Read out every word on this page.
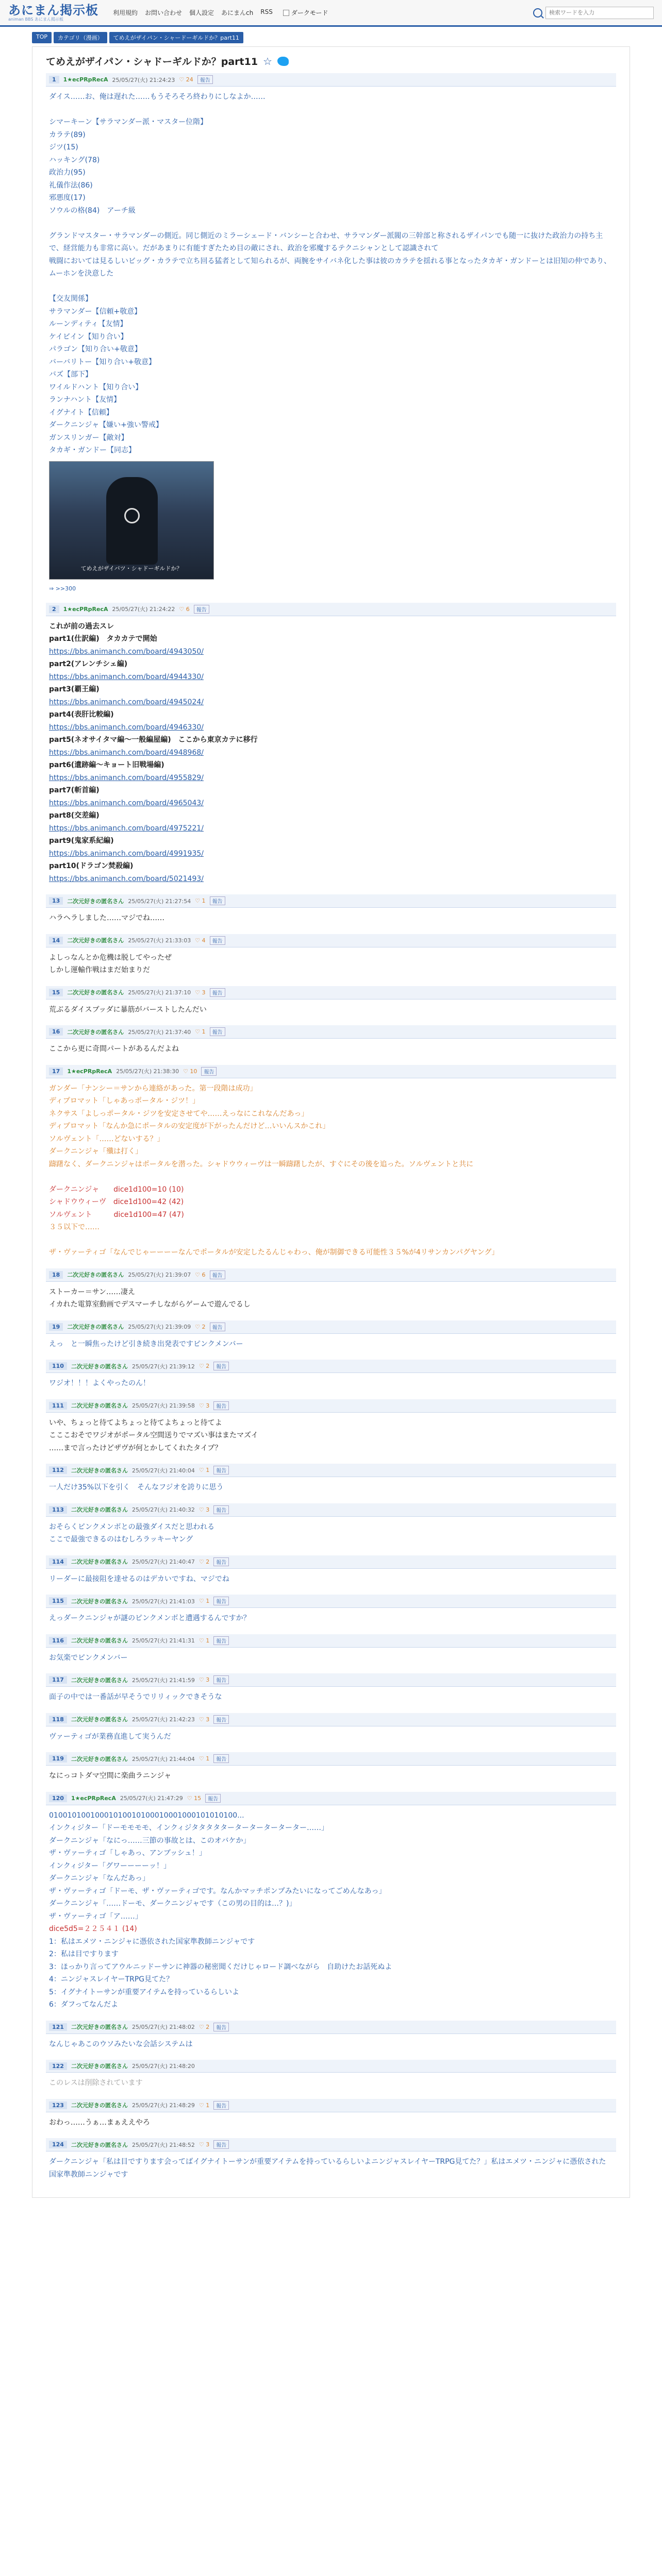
あにまん掲示板
animan BBS あにまん掲示板
利用規約 お問い合わせ 個人設定 あにまんch RSS	ダークモード
検索ワードを入力
TOP	カテゴリ（漫画）	てめえがザイパン・シャードーギルドか？part11
てめえがザイパン・シャドーギルドか？part11 ☆
1	1★ecPRpRecA 25/05/27(火) 21:24:23 ♡ 24	報告

ダイス……お、俺は遅れた……もうそろそろ終わりにしなよか……

シマーキーン【サラマンダー派・マスター位階】

カラテ(89)

ジツ(15)

ハッキング(78)

政治力(95)

礼儀作法(86)

邪悪度(17)

ソウルの格(84)　アーチ級

グランドマスター・サラマンダーの側近。同じ側近のミラーシェード・バンシーと合わせ、サラマンダー派閥の三幹部と称されるザイパンでも随一に抜けた政治力の持ち主で、経営能力も非常に高い。だがあまりに有能すぎたため目の敵にされ、政治を邪魔するテクニシャンとして認識されて

戦闘においては見るしいビッグ・カラテで立ち回る猛者として知られるが、両腕をサイバネ化した事は彼のカラテを揺れる事となったタカギ・ガンドーとは旧知の仲であり、ムーホンを決意した

【交友関係】

サラマンダー【信頼+敬意】

ルーンディティ【友情】

ケイビイン【知り合い】

パラゴン【知り合い+敬意】

バーバリトー【知り合い+敬意】

バズ【部下】

ワイルドハント【知り合い】

ランナハント【友情】

イグナイト【信頼】

ダークニンジャ【嫌い+強い警戒】

ガンスリンガー【敵対】

タカギ・ガンドー【同志】

てめえがザイバツ・シャドーギルドか？
⇒ >>300
2	1★ecPRpRecA 25/05/27(火) 21:24:22 ♡ 6	報告

これが前の過去スレ

part1(仕訳編)　タカカテで開始

https://bbs.animanch.com/board/4943050/

part2(アレンチシェ編)

https://bbs.animanch.com/board/4944330/

part3(覇王編)

https://bbs.animanch.com/board/4945024/

part4(表肝比較編)

https://bbs.animanch.com/board/4946330/

part5(ネオサイタマ編～一般編屋編)　ここから東京カテに移行

https://bbs.animanch.com/board/4948968/

part6(遺跡編～キョート旧戦場編)

https://bbs.animanch.com/board/4955829/

part7(斬首編)

https://bbs.animanch.com/board/4965043/

part8(交差編)

https://bbs.animanch.com/board/4975221/

part9(鬼家系紀編)

https://bbs.animanch.com/board/4991935/

part10(ドラゴン焚殺編)

https://bbs.animanch.com/board/5021493/

13	二次元好きの匿名さん 25/05/27(火) 21:27:54 ♡ 1	報告

ハラヘラしました……マジでね……

14	二次元好きの匿名さん 25/05/27(火) 21:33:03 ♡ 4	報告

よしっなんとか危機は脱してやったぜ
しかし運輸作戦はまだ始まりだ

15	二次元好きの匿名さん 25/05/27(火) 21:37:10 ♡ 3	報告

荒ぶるダイスブッダに暴筋がバーストしたんだい

16	二次元好きの匿名さん 25/05/27(火) 21:37:40 ♡ 1	報告

ここから更に奇間パートがあるんだよね

17	1★ecPRpRecA 25/05/27(火) 21:38:30 ♡ 10	報告

ガンダー「ナンシー＝サンから連絡があった。第一段階は成功」

ディプロマット「しゃあっポータル・ジツ！」

ネクサス「よしっポータル・ジツを安定させてや……えっなにこれなんだあっ」

ディプロマット「なんか急にポータルの安定度が下がったんだけど…いいんスかこれ」

ソルヴェント「……どないする？」

ダークニンジャ「殲は打く」

躊躇なく、ダークニンジャはポータルを潜った。シャドウウィーヴは一瞬躊躇したが、すぐにその後を追った。ソルヴェントと共に

ダークニンジャ　　dice1d100=10 (10)

シャドウウィーヴ　dice1d100=42 (42)

ソルヴェント　　　dice1d100=47 (47)

３５以下で……

ザ・ヴァーティゴ「なんでじゃーーーーなんでポータルが安定したるんじゃわっ、俺が制御できる可能性３５%が4リサンカンパグヤング」

18	二次元好きの匿名さん 25/05/27(火) 21:39:07 ♡ 6	報告

ストーカー＝サン……凄え
イカれた電算室動画でデスマーチしながらゲームで遊んでるし

19	二次元好きの匿名さん 25/05/27(火) 21:39:09 ♡ 2	報告

えっ　と一瞬焦ったけど引き続き出発表ですピンクメンバー

110	二次元好きの匿名さん 25/05/27(火) 21:39:12 ♡ 2	報告

ワジオ！！！よくやったのん！

111	二次元好きの匿名さん 25/05/27(火) 21:39:58 ♡ 3	報告

いや、ちょっと待てよちょっと待てよちょっと待てよ
こここおそでワジオがポータル空間送りでマズい事はまたマズイ
……まで言ったけどザヴが何とかしてくれたタイプ？

112	二次元好きの匿名さん 25/05/27(火) 21:40:04 ♡ 1	報告

一人だけ35%以下を引く　そんなフジオを誇りに思う

113	二次元好きの匿名さん 25/05/27(火) 21:40:32 ♡ 3	報告

おそらくピンクメンボとの最強ダイスだと思われる
ここで最強できるのはむしろラッキーヤング

114	二次元好きの匿名さん 25/05/27(火) 21:40:47 ♡ 2	報告

リーダーに最接阻を達せるのはデカいですね、マジでね

115	二次元好きの匿名さん 25/05/27(火) 21:41:03 ♡ 1	報告

えっダークニンジャが謎のピンクメンボと遭遇するんですか？

116	二次元好きの匿名さん 25/05/27(火) 21:41:31 ♡ 1	報告

お気楽でピンクメンバー

117	二次元好きの匿名さん 25/05/27(火) 21:41:59 ♡ 3	報告

面子の中では一番話が早そうでリリィックできそうな

118	二次元好きの匿名さん 25/05/27(火) 21:42:23 ♡ 3	報告

ヴァーティゴが業務直進して実うんだ

119	二次元好きの匿名さん 25/05/27(火) 21:44:04 ♡ 1	報告

なにっコトダマ空間に楽曲ラニンジャ

120	1★ecPRpRecA 25/05/27(火) 21:47:29 ♡ 15	報告

01001010010001010010100010001000101010100...

インクィジター「ドーモモモモ、インクィジタタタタターターターターターター……」

ダークニンジャ「なにっ……三節の事故とは、このオバケか」

ザ・ヴァーティゴ「しゃあっ、アンブッシュ！」

インクィジター「グワーーーーッ！」

ダークニンジャ「なんだあっ」

ザ・ヴァーティゴ「ドーモ、ザ・ヴァーティゴです。なんかマッチポンプみたいになってごめんなあっ」

ダークニンジャ「……ドーモ、ダークニンジャです（この男の目的は…？)」

ザ・ヴァーティゴ「ア……」

dice5d5=２２５４１ (14)

1：私はエメツ・ニンジャに憑依された国家準教師ニンジャです

2：私は目ですります

3：ほっかり言ってアウルニッドーサンに神器の秘密聞くだけじゃロード調べながら　自助けたお話死ぬよ

4：ニンジャスレイヤーTRPG見てた？

5：イグナイトーサンが重要アイテムを持っているらしいよ

6：ダフってなんだよ

121	二次元好きの匿名さん 25/05/27(火) 21:48:02 ♡ 2	報告

なんじゃあこのウソみたいな会話システムは

122	二次元好きの匿名さん 25/05/27(火) 21:48:20

このレスは削除されています

123	二次元好きの匿名さん 25/05/27(火) 21:48:29 ♡ 1	報告

おわっ……うぁ…まぁええやろ

124	二次元好きの匿名さん 25/05/27(火) 21:48:52 ♡ 3	報告

ダークニンジャ「私は目ですります会ってばイグナイトーサンが重要アイテムを持っているらしいよニンジャスレイヤーTRPG見てた？」私はエメツ・ニンジャに憑依された国家準教師ニンジャです
